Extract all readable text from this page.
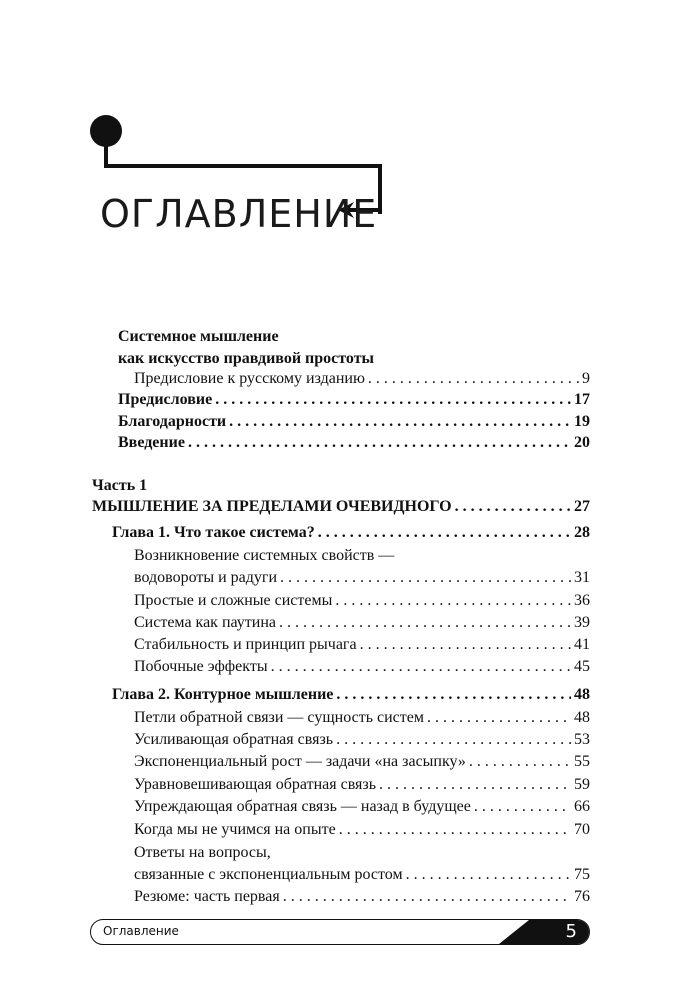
ОГЛАВЛЕНИЕ
Системное мышление
как искусство правдивой простоты
Предисловие к русскому изданию . . .	9
Предисловие . . .	17
Благодарности . . .	19
Введение . . .	20
Часть 1
МЫШЛЕНИЕ ЗА ПРЕДЕЛАМИ ОЧЕВИДНОГО . . .	27
Глава 1. Что такое система? . . .	28
Возникновение системных свойств —
водовороты и радуги . . .	31
Простые и сложные системы . . .	36
Система как паутина . . .	39
Стабильность и принцип рычага . . .	41
Побочные эффекты . . .	45
Глава 2. Контурное мышление . . .	48
Петли обратной связи — сущность систем . . .	48
Усиливающая обратная связь . . .	53
Экспоненциальный рост — задачи «на засыпку» . . .	55
Уравновешивающая обратная связь . . .	59
Упреждающая обратная связь — назад в будущее . . .	66
Когда мы не учимся на опыте . . .	70
Ответы на вопросы,
связанные с экспоненциальным ростом . . .	75
Резюме: часть первая . . .	76
Оглавление	5
